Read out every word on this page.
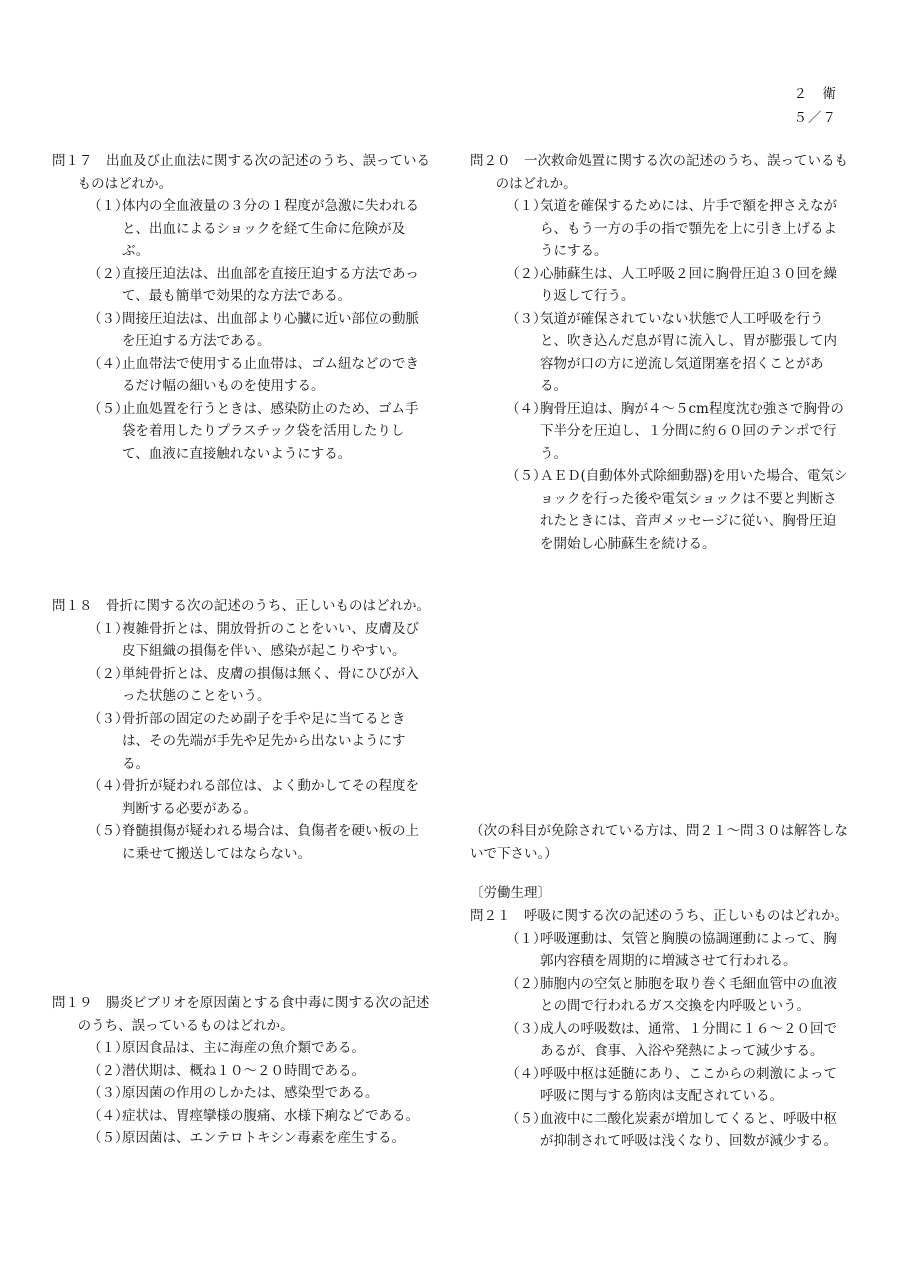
２　衛
５／７
問１７　 出血及び止血法に関する次の記述のうち、誤っているものはどれか。
（１）
体内の全血液量の３分の１程度が急激に失われると、出血によるショックを経て生命に危険が及ぶ。
（２）
直接圧迫法は、出血部を直接圧迫する方法であって、最も簡単で効果的な方法である。
（３）
間接圧迫法は、出血部より心臓に近い部位の動脈を圧迫する方法である。
（４）
止血帯法で使用する止血帯は、ゴム紐などのできるだけ幅の細いものを使用する。
（５）
止血処置を行うときは、感染防止のため、ゴム手袋を着用したりプラスチック袋を活用したりして、血液に直接触れないようにする。
問１８　 骨折に関する次の記述のうち、正しいものはどれか。
（１）
複雑骨折とは、開放骨折のことをいい、皮膚及び皮下組織の損傷を伴い、感染が起こりやすい。
（２）
単純骨折とは、皮膚の損傷は無く、骨にひびが入った状態のことをいう。
（３）
骨折部の固定のため副子を手や足に当てるときは、その先端が手先や足先から出ないようにする。
（４）
骨折が疑われる部位は、よく動かしてその程度を判断する必要がある。
（５）
脊髄損傷が疑われる場合は、負傷者を硬い板の上に乗せて搬送してはならない。
問１９　 腸炎ビブリオを原因菌とする食中毒に関する次の記述のうち、誤っているものはどれか。
（１）
原因食品は、主に海産の魚介類である。
（２）
潜伏期は、概ね１０～２０時間である。
（３）
原因菌の作用のしかたは、感染型である。
（４）
症状は、胃痙攣様の腹痛、水様下痢などである。
（５）
原因菌は、エンテロトキシン毒素を産生する。
問２０　 一次救命処置に関する次の記述のうち、誤っているものはどれか。
（１）
気道を確保するためには、片手で額を押さえながら、もう一方の手の指で顎先を上に引き上げるようにする。
（２）
心肺蘇生は、人工呼吸２回に胸骨圧迫３０回を繰り返して行う。
（３）
気道が確保されていない状態で人工呼吸を行うと、吹き込んだ息が胃に流入し、胃が膨張して内容物が口の方に逆流し気道閉塞を招くことがある。
（４）
胸骨圧迫は、胸が４～５cm程度沈む強さで胸骨の下半分を圧迫し、１分間に約６０回のテンポで行う。
（５）
ＡＥＤ(自動体外式除細動器)を用いた場合、電気ショックを行った後や電気ショックは不要と判断されたときには、音声メッセージに従い、胸骨圧迫を開始し心肺蘇生を続ける。
（次の科目が免除されている方は、問２１～問３０は解答しないで下さい。）
〔労働生理〕
問２１　 呼吸に関する次の記述のうち、正しいものはどれか。
（１）
呼吸運動は、気管と胸膜の協調運動によって、胸郭内容積を周期的に増減させて行われる。
（２）
肺胞内の空気と肺胞を取り巻く毛細血管中の血液との間で行われるガス交換を内呼吸という。
（３）
成人の呼吸数は、通常、１分間に１６～２０回であるが、食事、入浴や発熱によって減少する。
（４）
呼吸中枢は延髄にあり、ここからの刺激によって呼吸に関与する筋肉は支配されている。
（５）
血液中に二酸化炭素が増加してくると、呼吸中枢が抑制されて呼吸は浅くなり、回数が減少する。
